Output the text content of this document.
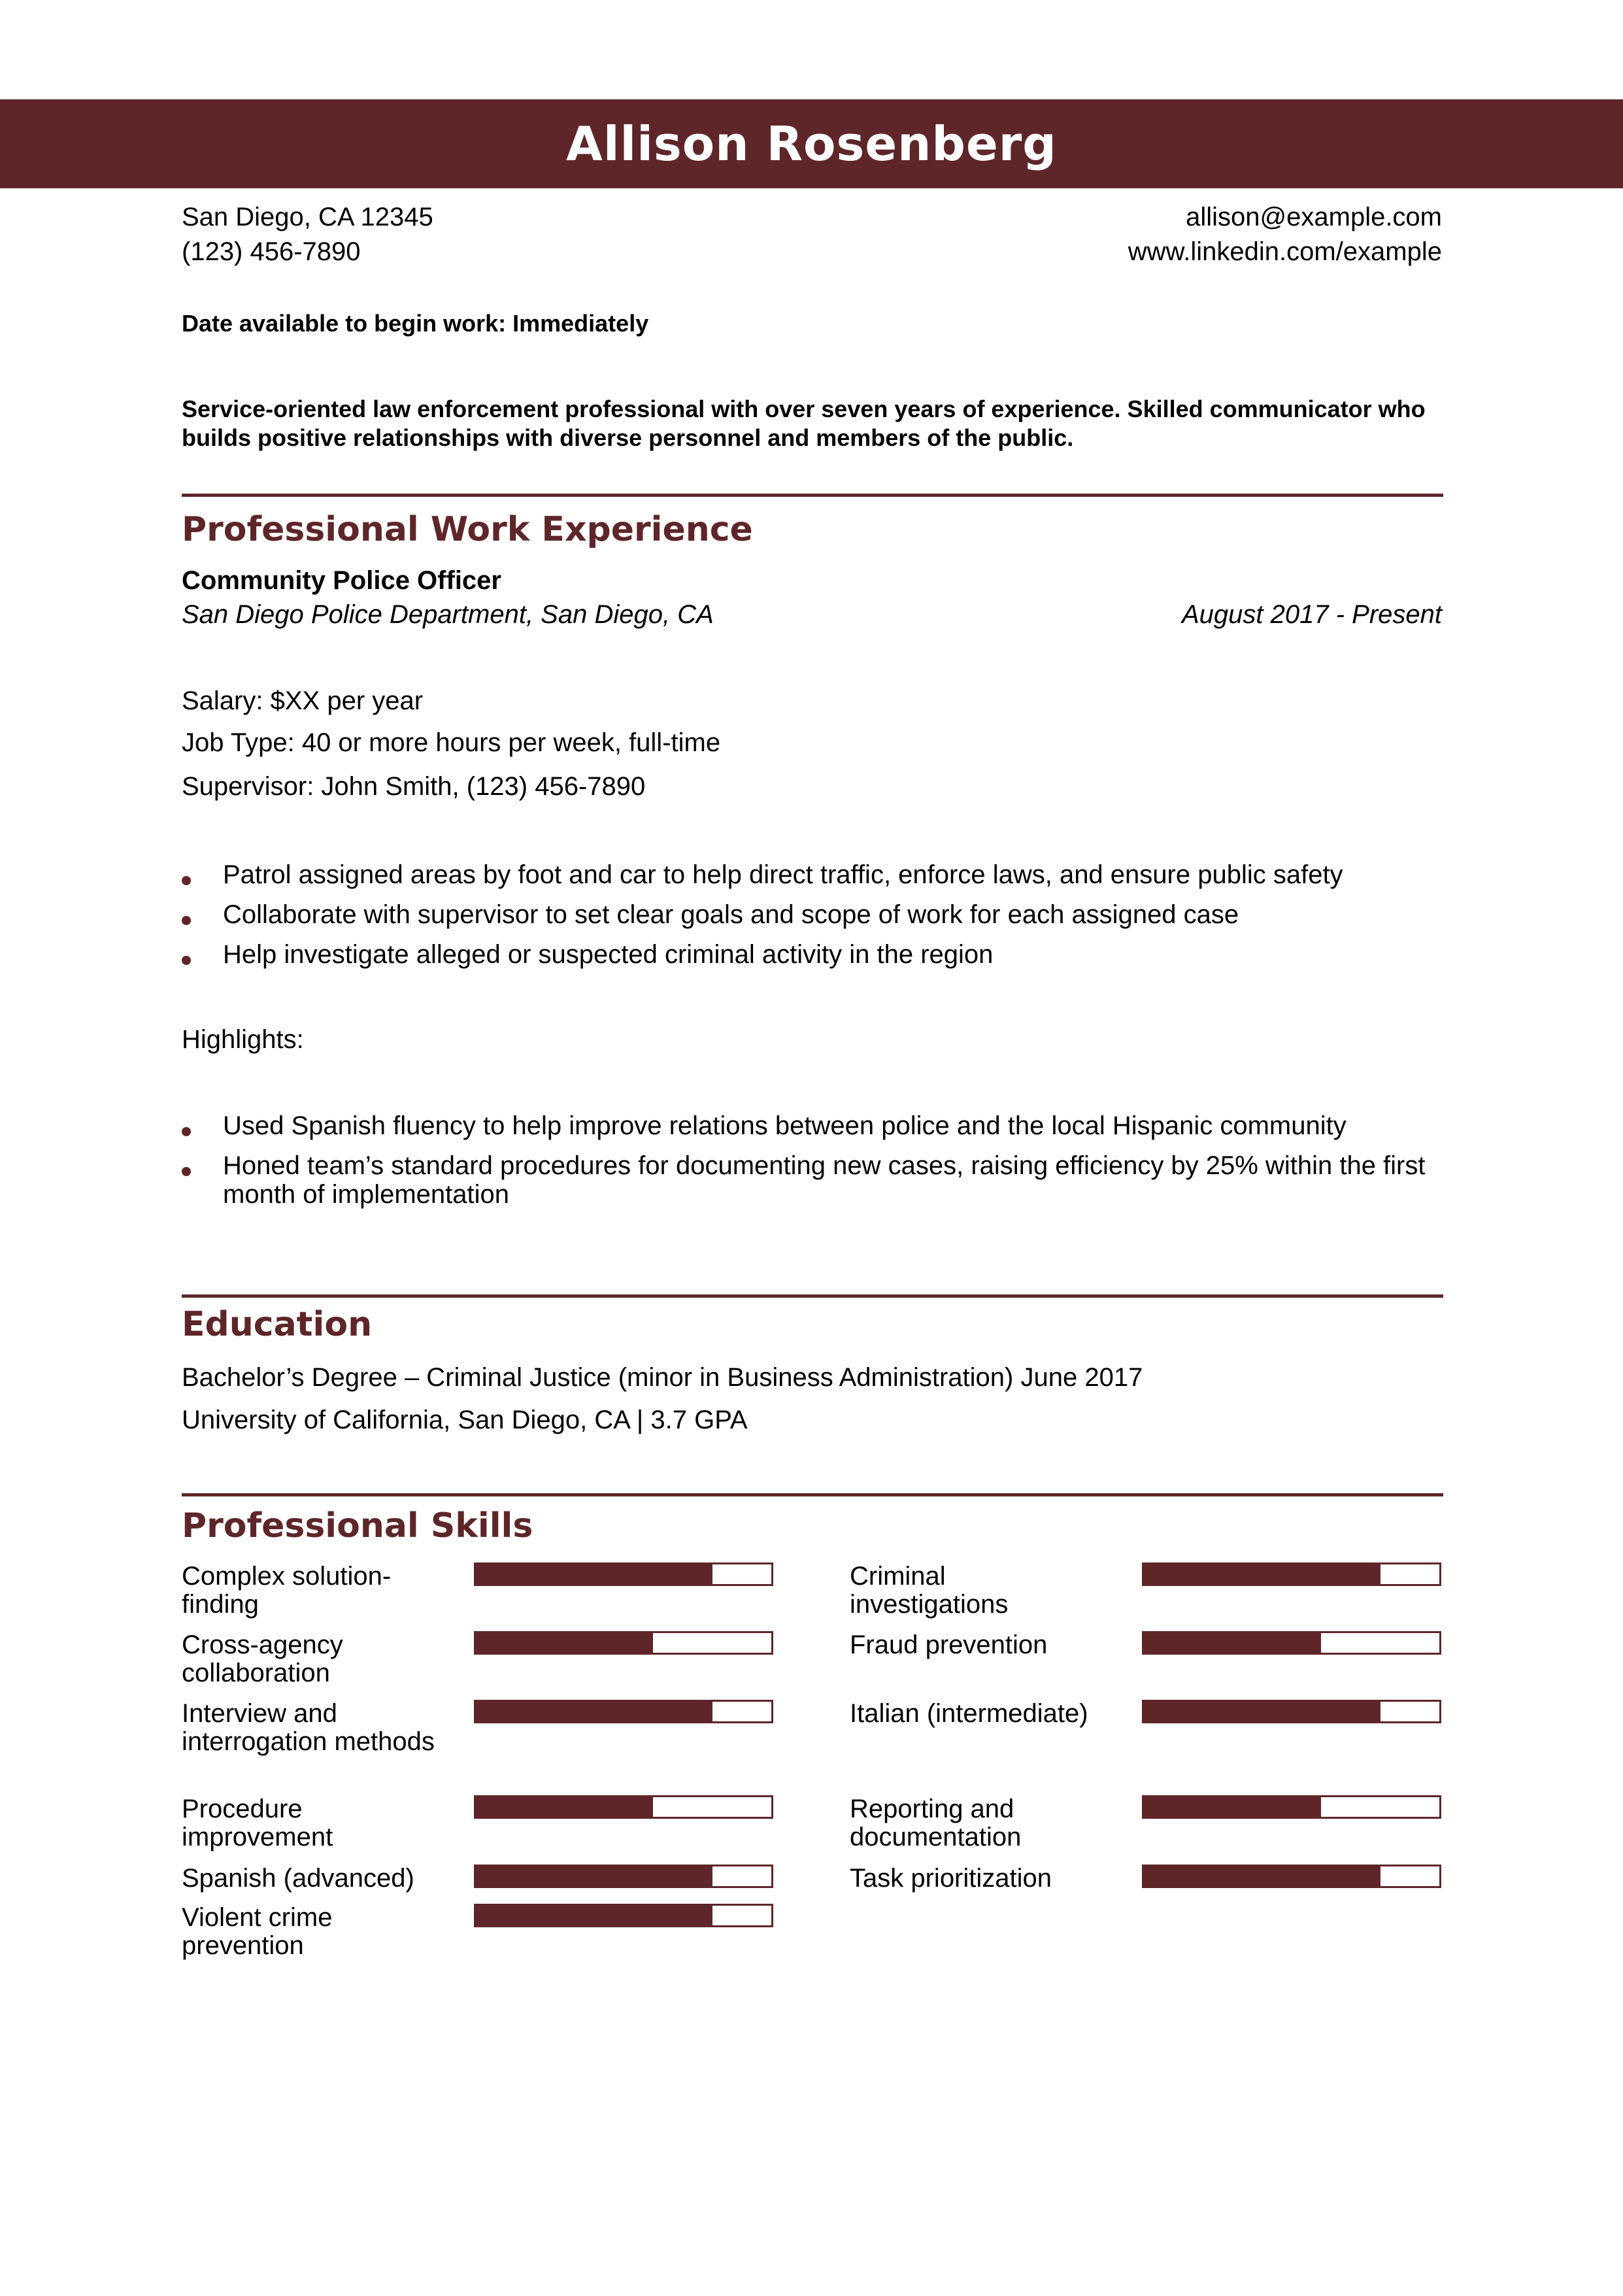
Allison Rosenberg
San Diego, CA 12345
(123) 456-7890
allison@example.com
www.linkedin.com/example
Date available to begin work: Immediately
Service-oriented law enforcement professional with over seven years of experience. Skilled communicator who builds positive relationships with diverse personnel and members of the public.
Professional Work Experience
Community Police Officer
San Diego Police Department, San Diego, CA	August 2017 - Present
Salary: $XX per year
Job Type: 40 or more hours per week, full-time
Supervisor: John Smith, (123) 456-7890
Patrol assigned areas by foot and car to help direct traffic, enforce laws, and ensure public safety
Collaborate with supervisor to set clear goals and scope of work for each assigned case
Help investigate alleged or suspected criminal activity in the region
Highlights:
Used Spanish fluency to help improve relations between police and the local Hispanic community
Honed team’s standard procedures for documenting new cases, raising efficiency by 25% within the first month of implementation
Education
Bachelor’s Degree – Criminal Justice (minor in Business Administration) June 2017
University of California, San Diego, CA | 3.7 GPA
Professional Skills
Complex solution-finding
Cross-agency collaboration
Interview and interrogation methods
Procedure improvement
Spanish (advanced)
Violent crime prevention
Criminal investigations
Fraud prevention
Italian (intermediate)
Reporting and documentation
Task prioritization
